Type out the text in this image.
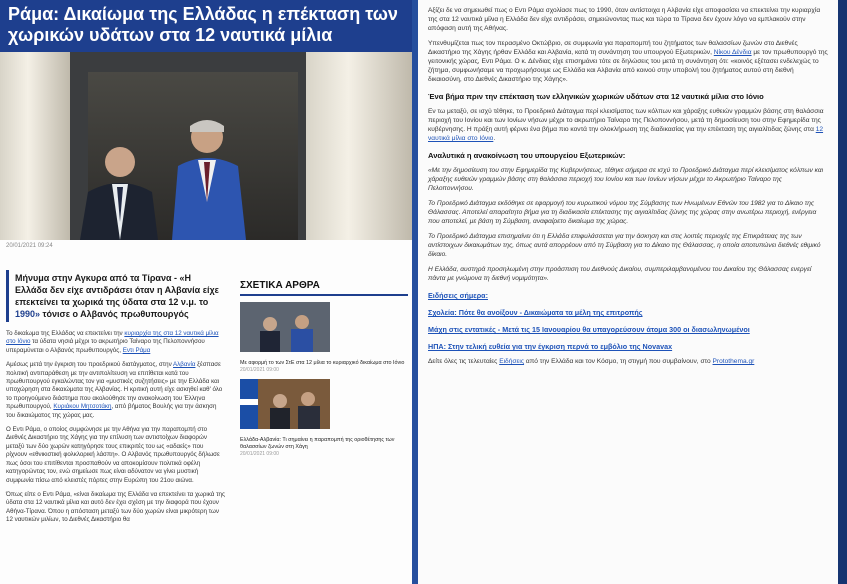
Ράμα: Δικαίωμα της Ελλάδας η επέκταση των χωρικών υδάτων στα 12 ναυτικά μίλια
20/01/2021 09:24
Μήνυμα στην Αγκυρα από τα Τίρανα - «Η Ελλάδα δεν είχε αντιδράσει όταν η Αλβανία είχε επεκτείνει τα χωρικά της ύδατα στα 12 ν.μ. το 1990» τόνισε ο Αλβανός πρωθυπουργός
Το δικαίωμα της Ελλάδας να επεκτείνει την κυριαρχία της στα 12 ναυτικά μίλια στο Ιόνιο τα ύδατα νησιά μέχρι το ακρωτήριο Ταίναρο της Πελοποννήσου υπεραμύνεται ο Αλβανός πρωθυπουργός, Εντι Ράμα
Αμέσως μετά την έγκριση του προεδρικού διατάγματος, στην Αλβανία ξέσπασε πολιτική αντιπαράθεση με την αντιπολίτευση να επιτίθεται κατά του πρωθυπουργού εγκαλώντας τον για «μυστικές συζητήσεις» με την Ελλάδα και υποχώρηση στα δικαιώματα της Αλβανίας. Η κριτική αυτή είχε ασκηθεί καθ' όλο το προηγούμενο διάστημα που ακολούθησε την ανακοίνωση του Έλληνα πρωθυπουργού, Κυριάκου Μητσοτάκη, από βήματος Βουλής για την άσκηση του δικαιώματος της χώρας μας.
Ο Εντι Ράμα, ο οποίος συμφώνησε με την Αθήνα για την παραπομπή στο Διεθνές Δικαστήριο της Χάγης για την επίλυση των αντιστοίχων διαφορών μεταξύ των δύο χωρών κατηγόρησε τους επικριτές του ως «αδαείς» που ρίχνουν «εθνικιστική φολκλορική λάσπη». Ο Αλβανός πρωθυπουργός δήλωσε πως όσοι του επιτίθενται προσπαθούν να αποκομίσουν πολιτικά οφέλη κατηγορώντας τον, ενώ σημείωσε πως είναι αδύνατον να γίνει μυστική συμφωνία πίσω από κλειστές πόρτες στην Ευρώπη του 21ου αιώνα.
Όπως είπε ο Εντι Ράμα, «είναι δικαίωμα της Ελλάδα να επεκτείνει τα χωρικά της ύδατα στα 12 ναυτικά μίλια και αυτό δεν έχει σχέση με την διαφορά που έχουν Αθήνα-Τίρανα. Όπου η απόσταση μεταξύ των δύο χωρών είναι μικρότερη των 12 ναυτικών μιλίων, το Διεθνές Δικαστήριο θα
ΣΧΕΤΙΚΑ ΑΡΘΡΑ
Με αφορμή το των ΣτΕ στα 12 μίλια το κυριαρχικό δικαίωμα στο Ιόνιο
20/01/2021 09:00
Ελλάδα-Αλβανία: Τι σημαίνει η παραπομπή της οριοθέτησης των θαλασσίων ζωνών στη Χάγη
20/01/2021 09:00
Αξίζει δε να σημειωθεί πως ο Εντι Ράμα σχολίασε πως το 1990, όταν αντίστοιχα η Αλβανία είχε αποφασίσει να επεκτείνει την κυριαρχία της στα 12 ναυτικά μίλια η Ελλάδα δεν είχε αντιδράσει, σημειώνοντας πως και τώρα το Τίρανα δεν έχουν λόγο να εμπλακούν στην απόφαση αυτή της Αθήνας.
Υπενθυμίζεται πως τον περασμένο Οκτώβριο, σε συμφωνία για παραπομπή του ζητήματος των θαλασσίων ζωνών στο Διεθνές Δικαστήριο της Χάγης ήρθαν Ελλάδα και Αλβανία, κατά τη συνάντηση του υπουργού Εξωτερικών, Νίκου Δένδια με τον πρωθυπουργό της γειτονικής χώρας, Εντι Ράμα. Ο κ. Δένδιας είχε επισημάνει τότε σε δηλώσεις του μετά τη συνάντηση ότι: «κοινός εξέτασει ενδελεχώς το ζήτημα, συμφωνήσαμε να προχωρήσουμε ως Ελλάδα και Αλβανία από κοινού στην υποβολή του ζητήματος αυτού στη διεθνή δικαιοσύνη, στο Διεθνές Δικαστήριο της Χάγης».
Ένα βήμα πριν την επέκταση των ελληνικών χωρικών υδάτων στα 12 ναυτικά μίλια στο Ιόνιο
Εν τω μεταξύ, σε ισχύ τέθηκε, το Προεδρικό Διάταγμα περί κλεισίματος των κόλπων και χάραξης ευθειών γραμμών βάσης στη θαλάσσια περιοχή του Ιονίου και των Ιονίων νήσων μέχρι το ακρωτήριο Ταίναρο της Πελοποννήσου, μετά τη δημοσίευση του στην Εφημερίδα της κυβέρνησης. Η πράξη αυτή φέρνει ένα βήμα πιο κοντά την ολοκλήρωση της διαδικασίας για την επέκταση της αιγιαλίτιδας ζώνης στα 12 ναυτικά μίλια στο Ιόνιο.
Αναλυτικά η ανακοίνωση του υπουργείου Εξωτερικών:
«Με την δημοσίευση του στην Εφημερίδα της Κυβερνήσεως, τέθηκε σήμερα σε ισχύ το Προεδρικό Διάταγμα περί κλεισίματος κόλπων και χάραξης ευθειών γραμμών βάσης στη θαλάσσια περιοχή του Ιονίου και των Ιονίων νήσων μέχρι το Ακρωτήριο Ταίναρο της Πελοποννήσου.
Το Προεδρικό Διάταγμα εκδόθηκε σε εφαρμογή του κυρωτικού νόμου της Σύμβασης των Ηνωμένων Εθνών του 1982 για το Δίκαιο της Θάλασσας. Αποτελεί απαραίτητο βήμα για τη διαδικασία επέκτασης της αιγιαλίτιδας ζώνης της χώρας στην ανωτέρω περιοχή, ενέργεια που αποτελεί, με βάση τη Σύμβαση, αναφαίρετο δικαίωμα της χώρας.
Το Προεδρικό Διάταγμα επισημαίνει ότι η Ελλάδα επιφυλάσσεται για την άσκηση και στις λοιπές περιοχές της Επικράτειας της των αντίστοιχων δικαιωμάτων της, όπως αυτά απορρέουν από τη Σύμβαση για το Δίκαιο της Θάλασσας, η οποία αποτυπώνει διεθνές εθιμικό δίκαιο.
Η Ελλάδα, αυστηρά προσηλωμένη στην προάσπιση του Διεθνούς Δικαίου, συμπεριλαμβανομένου του Δικαίου της Θάλασσας ενεργεί πάντα με γνώμονα τη διεθνή νομιμότητα».
Ειδήσεις σήμερα:
Σχολεία: Πότε θα ανοίξουν - Δικαιώματα τα μέλη της επιτροπής
Μάχη στις εντατικές - Μετά τις 15 Ιανουαρίου θα υπαγορεύσουν άτομα 300 οι διασωληνωμένοι
ΗΠΑ: Στην τελική ευθεία για την έγκριση περνά το εμβόλιο της Novavax
Δείτε όλες τις τελευταίες Ειδήσεις από την Ελλάδα και τον Κόσμο, τη στιγμή που συμβαίνουν, στο Protothema.gr
